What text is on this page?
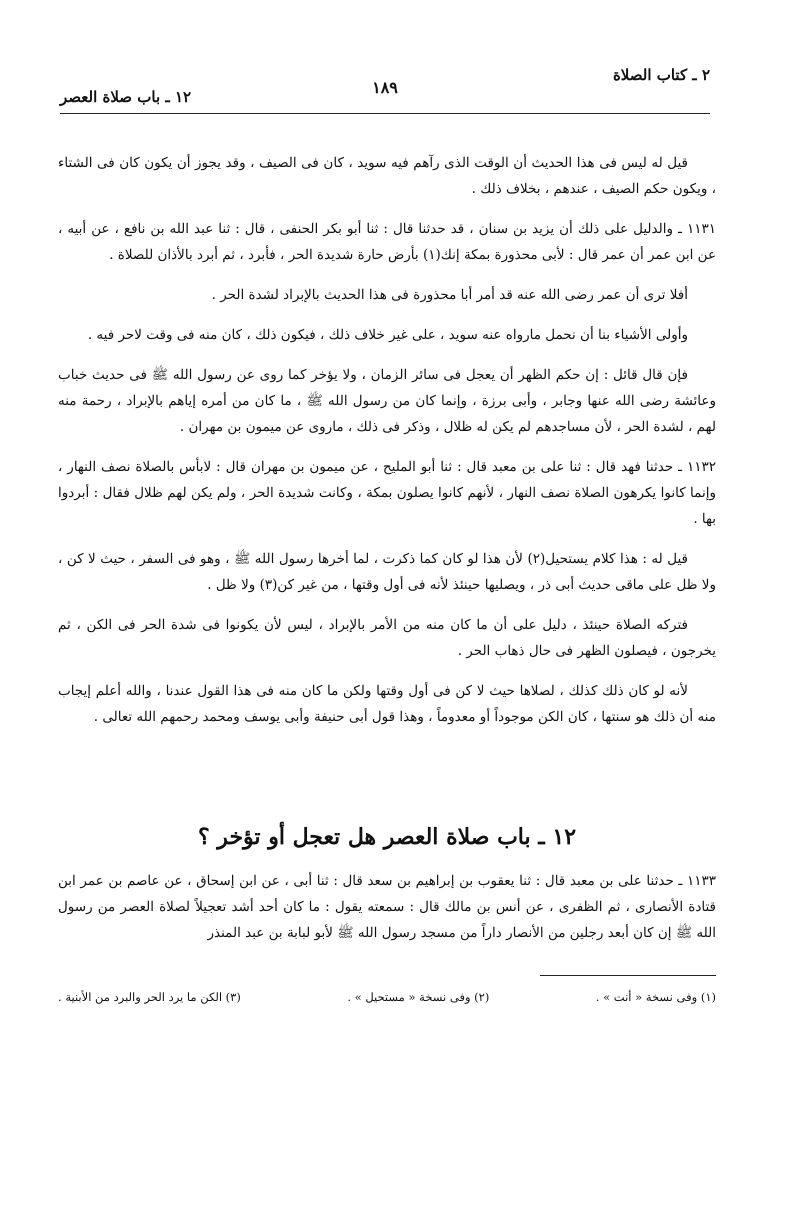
٢ ـ كتاب الصلاة
١٨٩
١٢ ـ باب صلاة العصر

قيل له ليس فى هذا الحديث أن الوقت الذى رآهم فيه سويد ، كان فى الصيف ، وقد يجوز أن يكون كان فى الشتاء ، ويكون حكم الصيف ، عندهم ، بخلاف ذلك .

١١٣١ ـ والدليل على ذلك أن يزيد بن سنان ، قد حدثنا قال : ثنا أبو بكر الحنفى ، قال : ثنا عبد الله بن نافع ، عن أبيه ، عن ابن عمر أن عمر قال : لأبى محذورة بمكة إنك(١) بأرض حارة شديدة الحر ، فأبرد ، ثم أبرد بالأذان للصلاة .

أفلا ترى أن عمر رضى الله عنه قد أمر أبا محذورة فى هذا الحديث بالإبراد لشدة الحر .

وأولى الأشياء بنا أن نحمل مارواه عنه سويد ، على غير خلاف ذلك ، فيكون ذلك ، كان منه فى وقت لاحر فيه .

فإن قال قائل : إن حكم الظهر أن يعجل فى سائر الزمان ، ولا يؤخر كما روى عن رسول الله ﷺ فى حديث خباب وعائشة رضى الله عنها وجابر ، وأبى برزة ، وإنما كان من رسول الله ﷺ ، ما كان من أمره إياهم بالإبراد ، رحمة منه لهم ، لشدة الحر ، لأن مساجدهم لم يكن له ظلال ، وذكر فى ذلك ، ماروى عن ميمون بن مهران .

١١٣٢ ـ حدثنا فهد قال : ثنا على بن معبد قال : ثنا أبو المليح ، عن ميمون بن مهران قال : لابأس بالصلاة نصف النهار ، وإنما كانوا يكرهون الصلاة نصف النهار ، لأنهم كانوا يصلون بمكة ، وكانت شديدة الحر ، ولم يكن لهم ظلال فقال : أبردوا بها .

قيل له : هذا كلام يستحيل(٢) لأن هذا لو كان كما ذكرت ، لما أخرها رسول الله ﷺ ، وهو فى السفر ، حيث لا كن ، ولا ظل على ماقى حديث أبى ذر ، ويصليها حينئذ لأنه فى أول وقتها ، من غير كن(٣) ولا ظل .

فتركه الصلاة حينئذ ، دليل على أن ما كان منه من الأمر بالإبراد ، ليس لأن يكونوا فى شدة الحر فى الكن ، ثم يخرجون ، فيصلون الظهر فى حال ذهاب الحر .

لأنه لو كان ذلك كذلك ، لصلاها حيث لا كن فى أول وقتها ولكن ما كان منه فى هذا القول عندنا ، والله أعلم إيجاب منه أن ذلك هو سنتها ، كان الكن موجوداً أو معدوماً ، وهذا قول أبى حنيفة وأبى يوسف ومحمد رحمهم الله تعالى .

١٢ ـ باب صلاة العصر هل تعجل أو تؤخر ؟

١١٣٣ ـ حدثنا على بن معبد قال : ثنا يعقوب بن إبراهيم بن سعد قال : ثنا أبى ، عن ابن إسحاق ، عن عاصم بن عمر ابن قتادة الأنصارى ، ثم الظفرى ، عن أنس بن مالك قال : سمعته يقول : ما كان أحد أشد تعجيلاً لصلاة العصر من رسول الله ﷺ إن كان أبعد رجلين من الأنصار داراً من مسجد رسول الله ﷺ لأبو لبابة بن عبد المنذر

(١) وفى نسخة « أنت » .
(٢) وفى نسخة « مستحيل » .
(٣) الكن ما يرد الحر والبرد من الأبنية .
